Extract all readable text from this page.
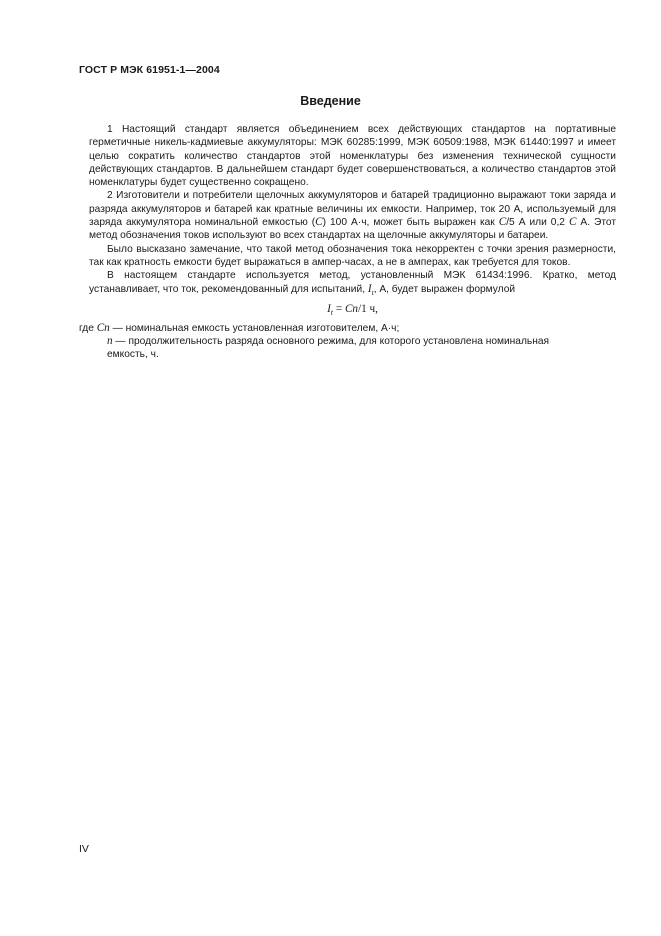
ГОСТ Р МЭК 61951-1—2004

Введение

1 Настоящий стандарт является объединением всех действующих стандартов на портативные герметичные никель-кадмиевые аккумуляторы: МЭК 60285:1999, МЭК 60509:1988, МЭК 61440:1997 и имеет целью сократить количество стандартов этой номенклатуры без изменения технической сущности действующих стандартов. В дальнейшем стандарт будет совершенствоваться, а количество стандартов этой номенклатуры будет существенно сокращено.

2 Изготовители и потребители щелочных аккумуляторов и батарей традиционно выражают токи заряда и разряда аккумуляторов и батарей как кратные величины их емкости. Например, ток 20 А, используемый для заряда аккумулятора номинальной емкостью (C) 100 А·ч, может быть выражен как C/5 А или 0,2 C А. Этот метод обозначения токов используют во всех стандартах на щелочные аккумуляторы и батареи.

Было высказано замечание, что такой метод обозначения тока некорректен с точки зрения размерности, так как кратность емкости будет выражаться в ампер-часах, а не в амперах, как требуется для токов.

В настоящем стандарте используется метод, установленный МЭК 61434:1996. Кратко, метод устанавливает, что ток, рекомендованный для испытаний, $I_t$, А, будет выражен формулой

$I_t = Cn/1$ ч,
где Cn — номинальная емкость установленная изготовителем, А·ч;
n — продолжительность разряда основного режима, для которого установлена номинальная емкость, ч.

IV
